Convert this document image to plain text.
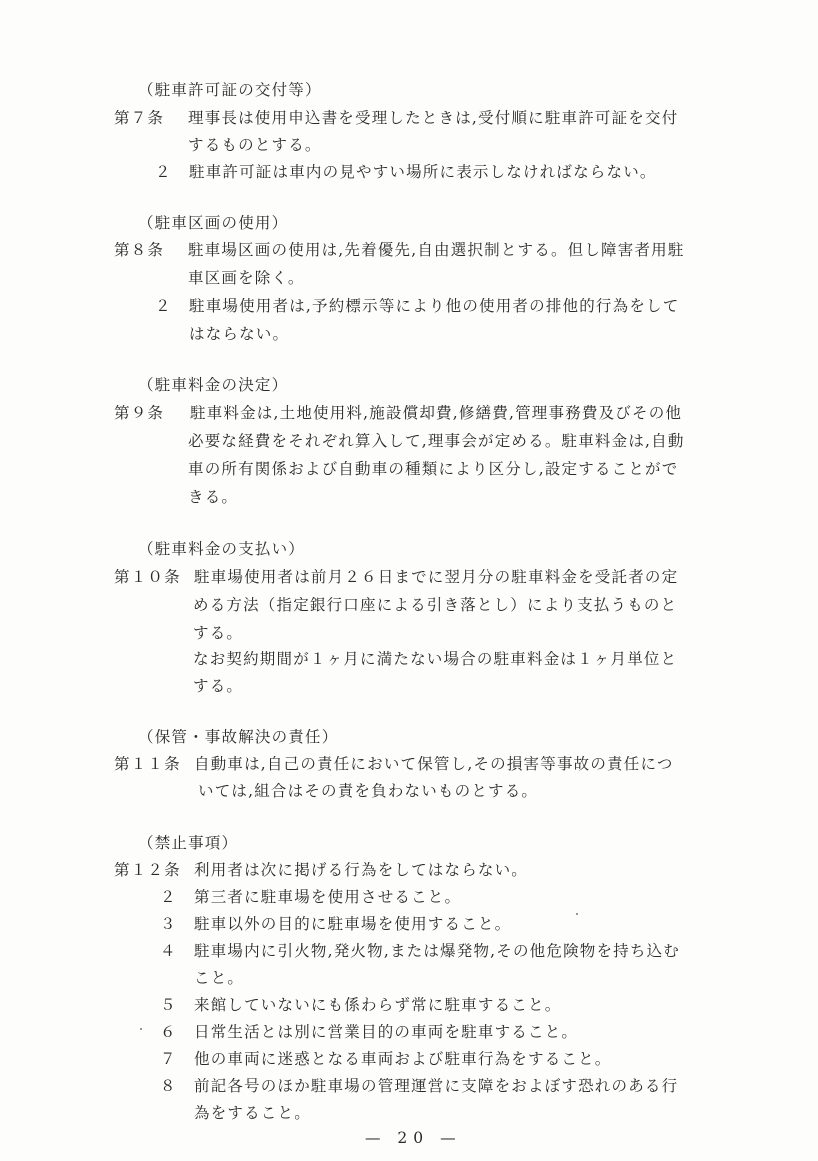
（駐車許可証の交付等）
第７条 理事長は使用申込書を受理したときは,受付順に駐車許可証を交付
するものとする。
２ 駐車許可証は車内の見やすい場所に表示しなければならない。
（駐車区画の使用）
第８条 駐車場区画の使用は,先着優先,自由選択制とする。但し障害者用駐
車区画を除く。
２ 駐車場使用者は,予約標示等により他の使用者の排他的行為をして
はならない。
（駐車料金の決定）
第９条 駐車料金は,土地使用料,施設償却費,修繕費,管理事務費及びその他
必要な経費をそれぞれ算入して,理事会が定める。駐車料金は,自動
車の所有関係および自動車の種類により区分し,設定することがで
きる。
（駐車料金の支払い）
第１０条 駐車場使用者は前月２６日までに翌月分の駐車料金を受託者の定
める方法（指定銀行口座による引き落とし）により支払うものと
する。
なお契約期間が１ヶ月に満たない場合の駐車料金は１ヶ月単位と
する。
（保管・事故解決の責任）
第１１条 自動車は,自己の責任において保管し,その損害等事故の責任につ
いては,組合はその責を負わないものとする。
（禁止事項）
第１２条 利用者は次に掲げる行為をしてはならない。
２ 第三者に駐車場を使用させること。
３ 駐車以外の目的に駐車場を使用すること。
４ 駐車場内に引火物,発火物,または爆発物,その他危険物を持ち込む
こと。
５ 来館していないにも係わらず常に駐車すること。
６ 日常生活とは別に営業目的の車両を駐車すること。
７ 他の車両に迷惑となる車両および駐車行為をすること。
８ 前記各号のほか駐車場の管理運営に支障をおよぼす恐れのある行
為をすること。
— 20 —
